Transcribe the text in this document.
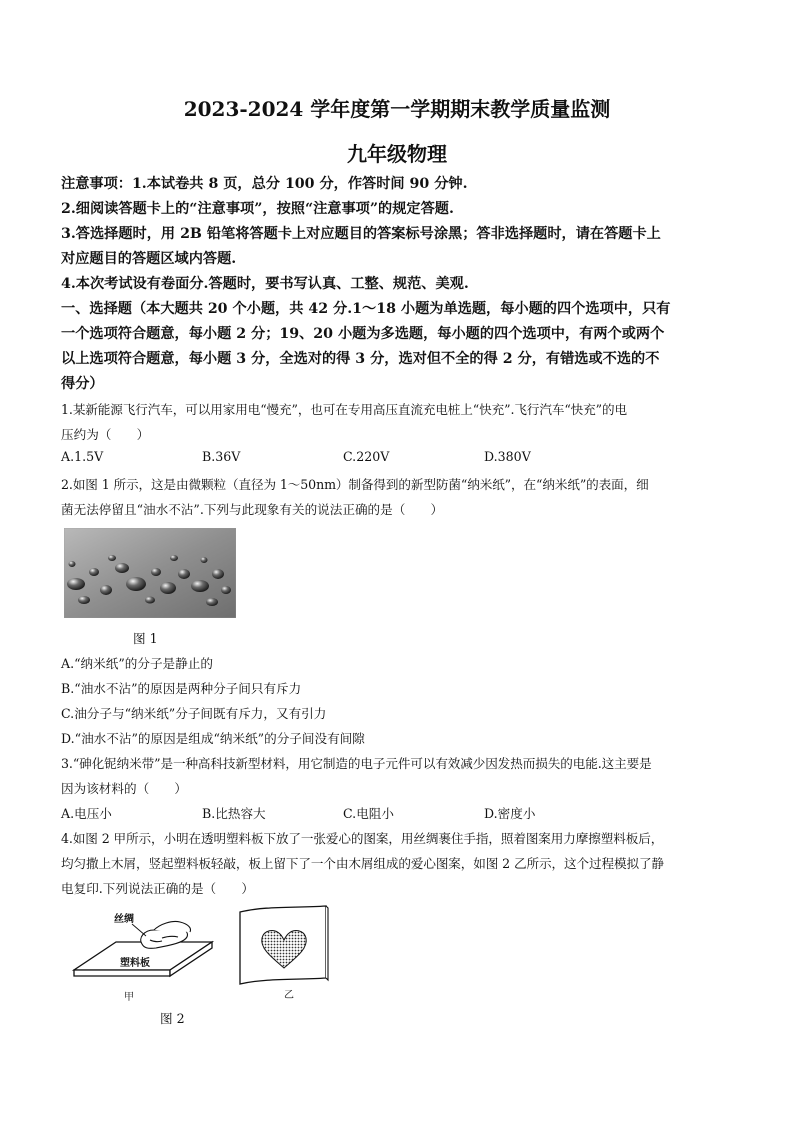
2023-2024 学年度第一学期期末教学质量监测
九年级物理
注意事项：1.本试卷共 8 页，总分 100 分，作答时间 90 分钟.
2.细阅读答题卡上的“注意事项”，按照“注意事项”的规定答题.
3.答选择题时，用 2B 铅笔将答题卡上对应题目的答案标号涂黑；答非选择题时，请在答题卡上
对应题目的答题区域内答题.
4.本次考试设有卷面分.答题时，要书写认真、工整、规范、美观.
一、选择题（本大题共 20 个小题，共 42 分.1～18 小题为单选题，每小题的四个选项中，只有
一个选项符合题意，每小题 2 分；19、20 小题为多选题，每小题的四个选项中，有两个或两个
以上选项符合题意，每小题 3 分，全选对的得 3 分，选对但不全的得 2 分，有错选或不选的不
得分）
1.某新能源飞行汽车，可以用家用电“慢充”，也可在专用高压直流充电桩上“快充”.飞行汽车“快充”的电
压约为（　　）
A.1.5V	B.36V	C.220V	D.380V
2.如图 1 所示，这是由微颗粒（直径为 1～50nm）制备得到的新型防菌“纳米纸”，在“纳米纸”的表面，细
菌无法停留且“油水不沾”.下列与此现象有关的说法正确的是（　　）
图 1
A.“纳米纸”的分子是静止的
B.“油水不沾”的原因是两种分子间只有斥力
C.油分子与“纳米纸”分子间既有斥力，又有引力
D.“油水不沾”的原因是组成“纳米纸”的分子间没有间隙
3.“砷化铌纳米带”是一种高科技新型材料，用它制造的电子元件可以有效减少因发热而损失的电能.这主要是
因为该材料的（　　）
A.电压小	B.比热容大	C.电阻小	D.密度小
4.如图 2 甲所示，小明在透明塑料板下放了一张爱心的图案，用丝绸裹住手指，照着图案用力摩擦塑料板后，
均匀撒上木屑，竖起塑料板轻敲，板上留下了一个由木屑组成的爱心图案，如图 2 乙所示，这个过程模拟了静
电复印.下列说法正确的是（　　）
丝绸
塑料板
甲	乙
图 2
